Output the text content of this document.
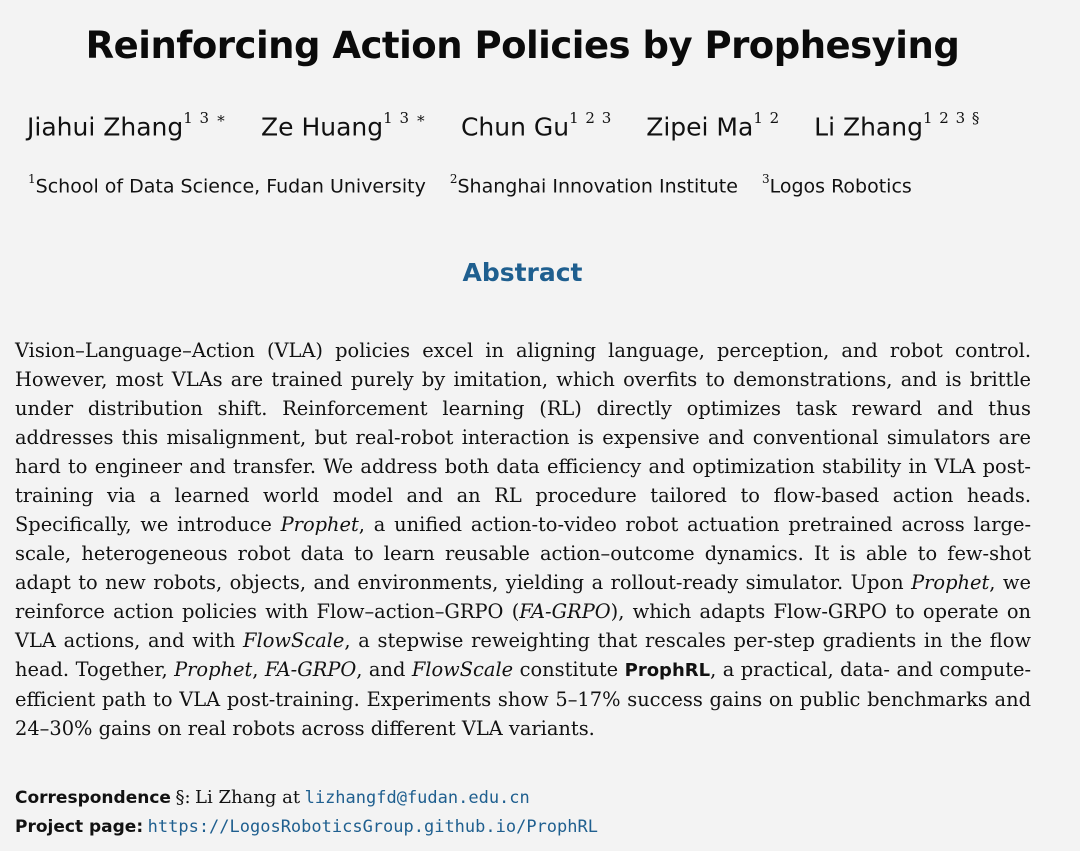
Reinforcing Action Policies by Prophesying
Jiahui Zhang$^{1 3 ∗}$ Ze Huang$^{1 3 ∗}$ Chun $Gu^{1 2 3}$ Zipei $Ma^{1 2}$ Li Zhang$^{1 2 3 \S}$
$^1$School of Data Science, Fudan University $^2$Shanghai Innovation Institute $^3$Logos Robotics
Abstract
Vision–Language–Action (VLA) policies excel in aligning language, perception, and robot control. However, most VLAs are trained purely by imitation, which overfits to demonstrations, and is brittle under distribution shift. Reinforcement learning (RL) directly optimizes task reward and thus addresses this misalignment, but real-robot interaction is expensive and conventional simulators are hard to engineer and transfer. We address both data efficiency and optimization stability in VLA post-training via a learned world model and an RL procedure tailored to flow-based action heads. Specifically, we introduce Prophet, a unified action-to-video robot actuation pretrained across large-scale, heterogeneous robot data to learn reusable action–outcome dynamics. It is able to few-shot adapt to new robots, objects, and environments, yielding a rollout-ready simulator. Upon Prophet, we reinforce action policies with Flow–action–GRPO (FA-GRPO), which adapts Flow-GRPO to operate on VLA actions, and with FlowScale, a stepwise reweighting that rescales per-step gradients in the flow head. Together, Prophet, FA-GRPO, and FlowScale constitute ProphRL, a practical, data- and compute-efficient path to VLA post-training. Experiments show 5–17% success gains on public benchmarks and 24–30% gains on real robots across different VLA variants.
Correspondence §: Li Zhang at lizhangfd@fudan.edu.cn
Project page: https://LogosRoboticsGroup.github.io/ProphRL
